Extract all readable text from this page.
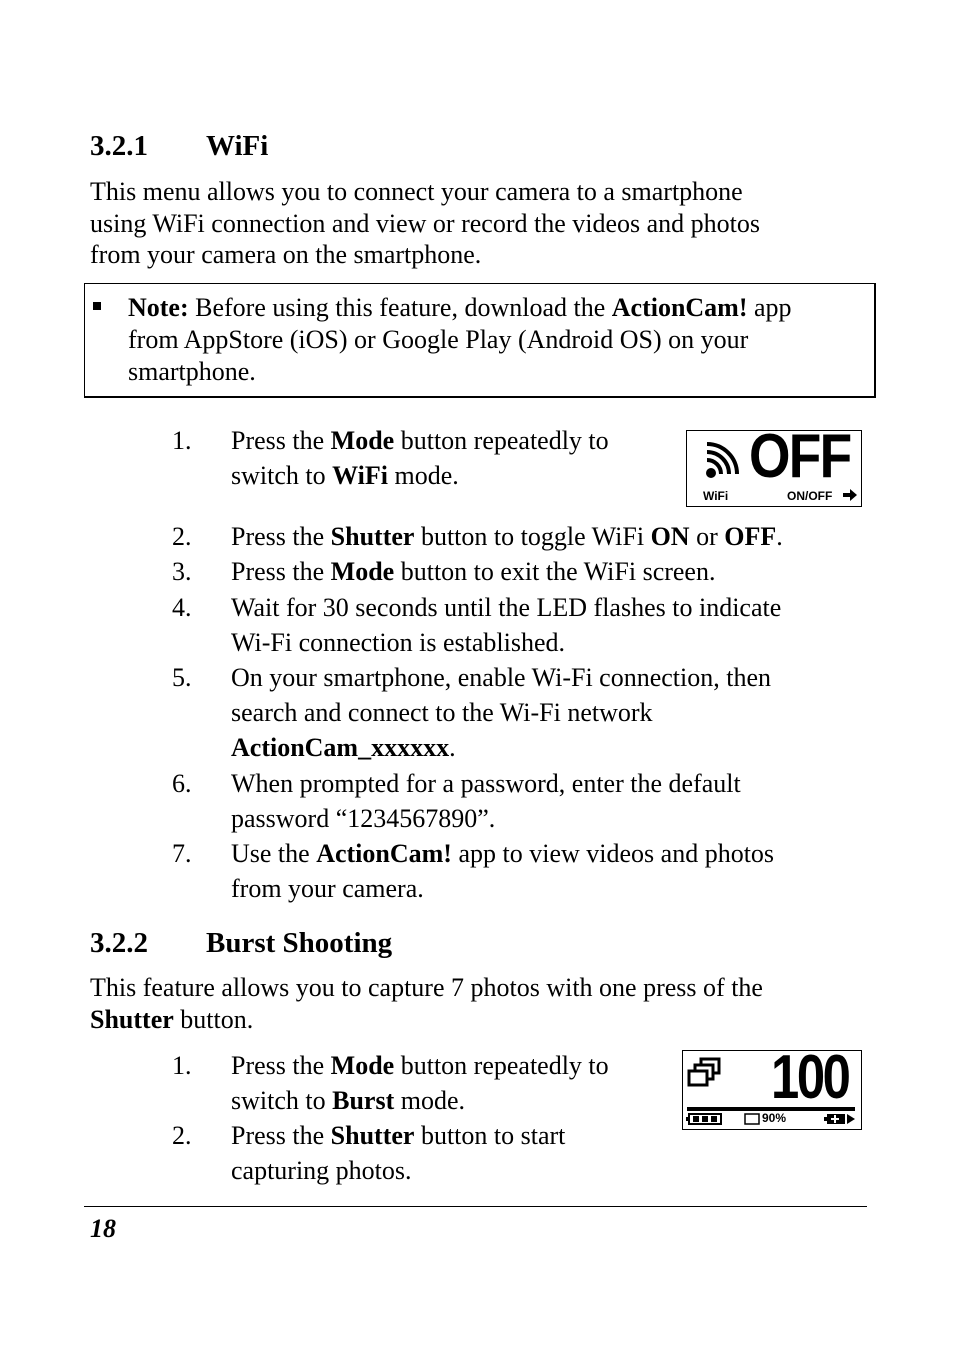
3.2.1 WiFi
This menu allows you to connect your camera to a smartphone
using WiFi connection and view or record the videos and photos
from your camera on the smartphone.
Note: Before using this feature, download the ActionCam! app
from AppStore (iOS) or Google Play (Android OS) on your
smartphone.
1.	Press the Mode button repeatedly to
switch to WiFi mode.	OFF
WiFi	ON/OFF
2.	Press the Shutter button to toggle WiFi ON or OFF.
3.	Press the Mode button to exit the WiFi screen.
4.	Wait for 30 seconds until the LED flashes to indicate
Wi-Fi connection is established.
5.	On your smartphone, enable Wi-Fi connection, then
search and connect to the Wi-Fi network
ActionCam_xxxxxx.
6.	When prompted for a password, enter the default
password “1234567890”.
7.	Use the ActionCam! app to view videos and photos
from your camera.
3.2.2 Burst Shooting
This feature allows you to capture 7 photos with one press of the
Shutter button.
1.	Press the Mode button repeatedly to
switch to Burst mode.
2.	Press the Shutter button to start
capturing photos.
100
90%
18
